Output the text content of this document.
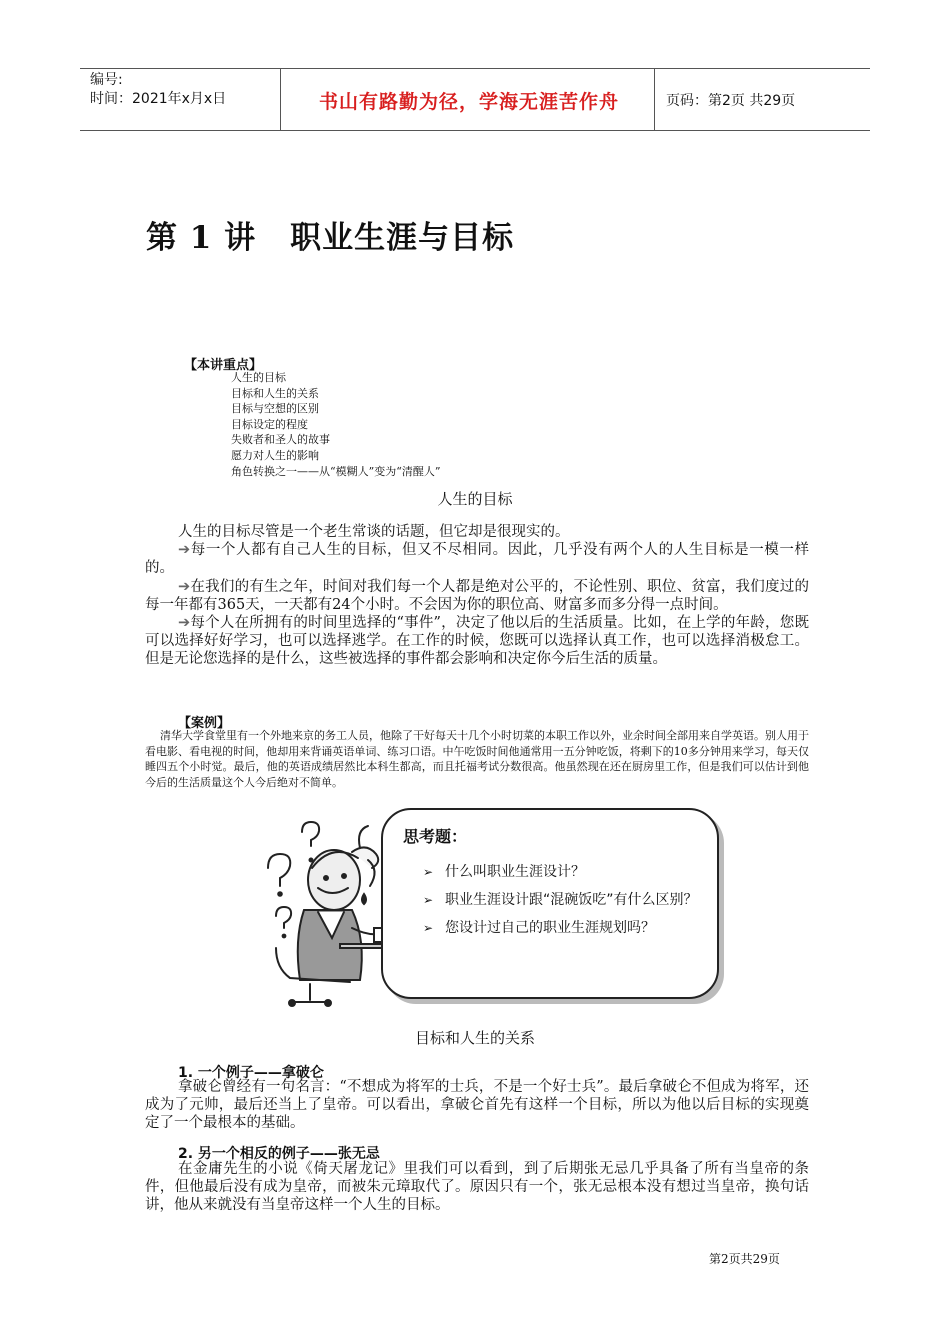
编号:
时间：2021年x月x日	书山有路勤为径，学海无涯苦作舟	页码：第2页 共29页
第 1 讲 职业生涯与目标
【本讲重点】
人生的目标
目标和人生的关系
目标与空想的区别
目标设定的程度
失败者和圣人的故事
愿力对人生的影响
角色转换之一——从“模糊人”变为“清醒人”
人生的目标

人生的目标尽管是一个老生常谈的话题，但它却是很现实的。

➔每一个人都有自己人生的目标，但又不尽相同。因此，几乎没有两个人的人生目标是一模一样的。

➔在我们的有生之年，时间对我们每一个人都是绝对公平的，不论性别、职位、贫富，我们度过的每一年都有365天，一天都有24个小时。不会因为你的职位高、财富多而多分得一点时间。

➔每个人在所拥有的时间里选择的“事件”，决定了他以后的生活质量。比如，在上学的年龄，您既可以选择好好学习，也可以选择逃学。在工作的时候，您既可以选择认真工作，也可以选择消极怠工。但是无论您选择的是什么，这些被选择的事件都会影响和决定你今后生活的质量。

【案例】

清华大学食堂里有一个外地来京的务工人员，他除了干好每天十几个小时切菜的本职工作以外，业余时间全部用来自学英语。别人用于看电影、看电视的时间，他却用来背诵英语单词、练习口语。中午吃饭时间他通常用一五分钟吃饭，将剩下的10多分钟用来学习，每天仅睡四五个小时觉。最后，他的英语成绩居然比本科生都高，而且托福考试分数很高。他虽然现在还在厨房里工作，但是我们可以估计到他今后的生活质量这个人今后绝对不简单。

思考题：
➢ 什么叫职业生涯设计？
➢ 职业生涯设计跟“混碗饭吃”有什么区别？
➢ 您设计过自己的职业生涯规划吗？
目标和人生的关系
1. 一个例子——拿破仑

拿破仑曾经有一句名言：“不想成为将军的士兵，不是一个好士兵”。最后拿破仑不但成为将军，还成为了元帅，最后还当上了皇帝。可以看出，拿破仑首先有这样一个目标，所以为他以后目标的实现奠定了一个最根本的基础。

2. 另一个相反的例子——张无忌

在金庸先生的小说《倚天屠龙记》里我们可以看到，到了后期张无忌几乎具备了所有当皇帝的条件，但他最后没有成为皇帝，而被朱元璋取代了。原因只有一个，张无忌根本没有想过当皇帝，换句话讲，他从来就没有当皇帝这样一个人生的目标。

第2页共29页
